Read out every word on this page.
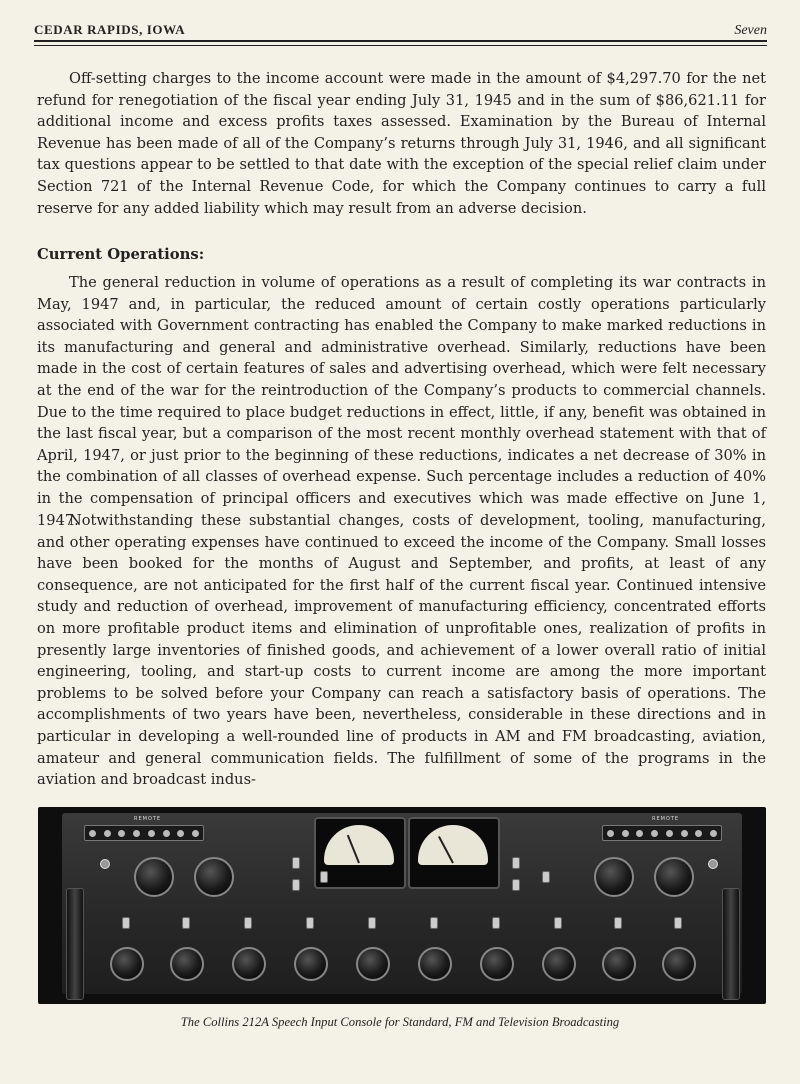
CEDAR RAPIDS, IOWA	Seven

Off-setting charges to the income account were made in the amount of $4,297.70 for the net refund for renegotiation of the fiscal year ending July 31, 1945 and in the sum of $86,621.11 for additional income and excess profits taxes assessed. Examination by the Bureau of Internal Revenue has been made of all of the Company’s returns through July 31, 1946, and all significant tax questions appear to be settled to that date with the exception of the special relief claim under Section 721 of the Internal Revenue Code, for which the Company continues to carry a full reserve for any added liability which may result from an adverse decision.

Current Operations:

The general reduction in volume of operations as a result of completing its war contracts in May, 1947 and, in particular, the reduced amount of certain costly operations particularly associated with Government contracting has enabled the Company to make marked reductions in its manufacturing and general and administrative overhead. Similarly, reductions have been made in the cost of certain features of sales and advertising overhead, which were felt necessary at the end of the war for the reintroduction of the Company’s products to commercial channels. Due to the time required to place budget reductions in effect, little, if any, benefit was obtained in the last fiscal year, but a comparison of the most recent monthly overhead statement with that of April, 1947, or just prior to the beginning of these reductions, indicates a net decrease of 30% in the combination of all classes of overhead expense. Such percentage includes a reduction of 40% in the compensation of principal officers and executives which was made effective on June 1, 1947.

Notwithstanding these substantial changes, costs of development, tooling, manufacturing, and other operating expenses have continued to exceed the income of the Company. Small losses have been booked for the months of August and September, and profits, at least of any consequence, are not anticipated for the first half of the current fiscal year. Continued intensive study and reduction of overhead, improvement of manufacturing efficiency, concentrated efforts on more profitable product items and elimination of unprofitable ones, realization of profits in presently large inventories of finished goods, and achievement of a lower overall ratio of initial engineering, tooling, and start-up costs to current income are among the more important problems to be solved before your Company can reach a satisfactory basis of operations. The accomplishments of two years have been, nevertheless, considerable in these directions and in particular in developing a well-rounded line of products in AM and FM broadcasting, aviation, amateur and general communication fields. The fulfillment of some of the programs in the aviation and broadcast indus-

REMOTE	REMOTE
The Collins 212A Speech Input Console for Standard, FM and Television Broadcasting
